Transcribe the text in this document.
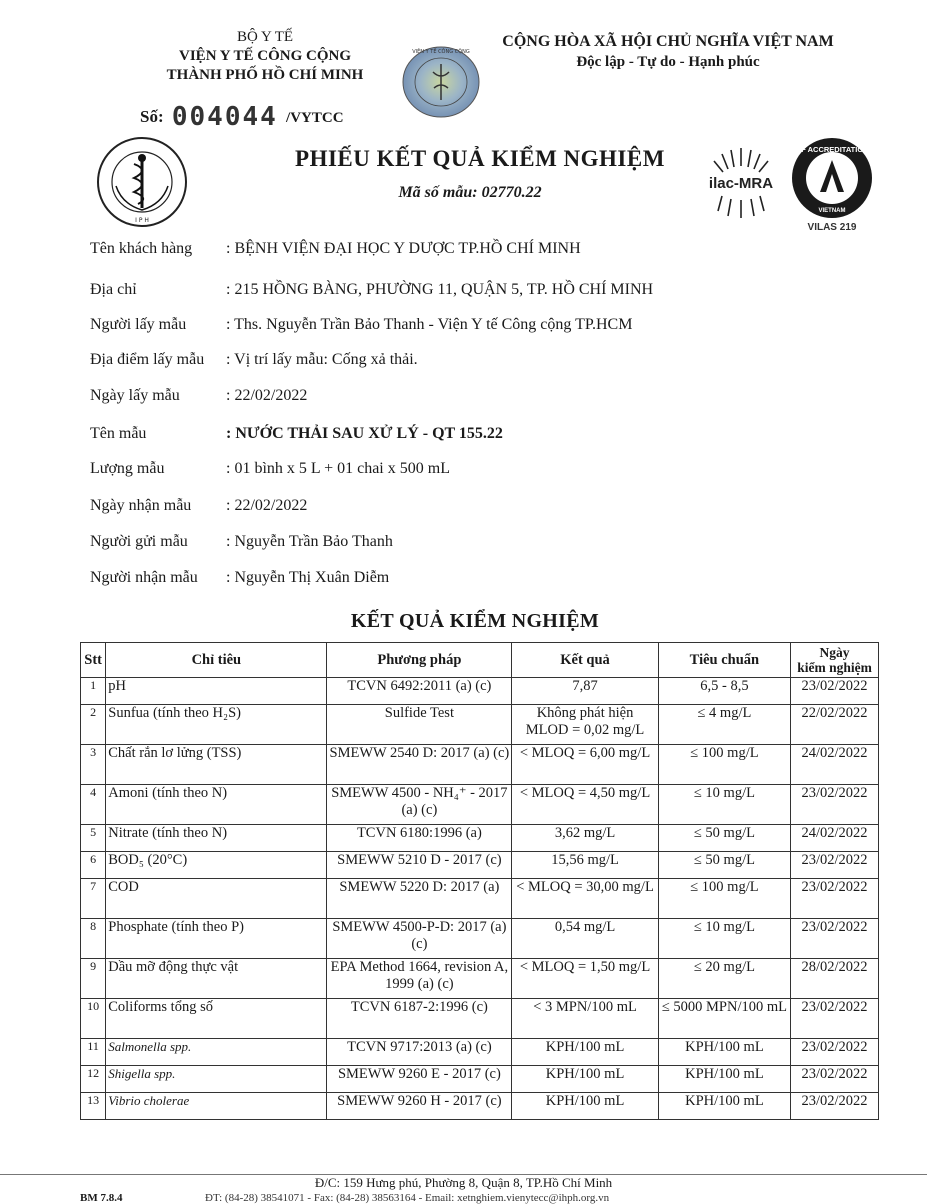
BỘ Y TẾ
VIỆN Y TẾ CÔNG CỘNG
THÀNH PHỐ HỒ CHÍ MINH
VIỆN Y TẾ CÔNG CỘNG
CỘNG HÒA XÃ HỘI CHỦ NGHĨA VIỆT NAM
Độc lập - Tự do - Hạnh phúc
Số: 004044 /VYTCC
I P H
PHIẾU KẾT QUẢ KIỂM NGHIỆM
Mã số mẫu: 02770.22
ilac-MRA
OF ACCREDITATION
VIETNAM
VILAS 219
Tên khách hàng	: BỆNH VIỆN ĐẠI HỌC Y DƯỢC TP.HỒ CHÍ MINH
Địa chỉ	: 215 HỒNG BÀNG, PHƯỜNG 11, QUẬN 5, TP. HỒ CHÍ MINH
Người lấy mẫu	: Ths. Nguyễn Trần Bảo Thanh - Viện Y tế Công cộng TP.HCM
Địa điểm lấy mẫu	: Vị trí lấy mẫu: Cống xả thải.
Ngày lấy mẫu	: 22/02/2022
Tên mẫu	: NƯỚC THẢI SAU XỬ LÝ - QT 155.22
Lượng mẫu	: 01 bình x 5 L + 01 chai x 500 mL
Ngày nhận mẫu	: 22/02/2022
Người gửi mẫu	: Nguyễn Trần Bảo Thanh
Người nhận mẫu	: Nguyễn Thị Xuân Diễm
KẾT QUẢ KIỂM NGHIỆM
Stt	Chỉ tiêu	Phương pháp	Kết quả	Tiêu chuẩn	Ngày
kiểm nghiệm

1	pH	TCVN 6492:2011 (a) (c)	7,87	6,5 - 8,5	23/02/2022
2	Sunfua (tính theo H₂S)	Sulfide Test	Không phát hiện MLOD = 0,02 mg/L	≤ 4 mg/L	22/02/2022
3	Chất rắn lơ lửng (TSS)	SMEWW 2540 D: 2017 (a) (c)	< MLOQ = 6,00 mg/L	≤ 100 mg/L	24/02/2022
4	Amoni (tính theo N)	SMEWW 4500 - NH₄⁺ - 2017 (a) (c)	< MLOQ = 4,50 mg/L	≤ 10 mg/L	23/02/2022
5	Nitrate (tính theo N)	TCVN 6180:1996 (a)	3,62 mg/L	≤ 50 mg/L	24/02/2022
6	BOD₅ (20°C)	SMEWW 5210 D - 2017 (c)	15,56 mg/L	≤ 50 mg/L	23/02/2022
7	COD	SMEWW 5220 D: 2017 (a)	< MLOQ = 30,00 mg/L	≤ 100 mg/L	23/02/2022
8	Phosphate (tính theo P)	SMEWW 4500-P-D: 2017 (a) (c)	0,54 mg/L	≤ 10 mg/L	23/02/2022
9	Dầu mỡ động thực vật	EPA Method 1664, revision A, 1999 (a) (c)	< MLOQ = 1,50 mg/L	≤ 20 mg/L	28/02/2022
10	Coliforms tổng số	TCVN 6187-2:1996 (c)	< 3 MPN/100 mL	≤ 5000 MPN/100 mL	23/02/2022
11	Salmonella spp.	TCVN 9717:2013 (a) (c)	KPH/100 mL	KPH/100 mL	23/02/2022
12	Shigella spp.	SMEWW 9260 E - 2017 (c)	KPH/100 mL	KPH/100 mL	23/02/2022
13	Vibrio cholerae	SMEWW 9260 H - 2017 (c)	KPH/100 mL	KPH/100 mL	23/02/2022
Đ/C: 159 Hưng phú, Phường 8, Quận 8, TP.Hồ Chí Minh
BM 7.8.4	ĐT: (84-28) 38541071 - Fax: (84-28) 38563164 - Email: xetnghiem.vienytecc@ihph.org.vn
